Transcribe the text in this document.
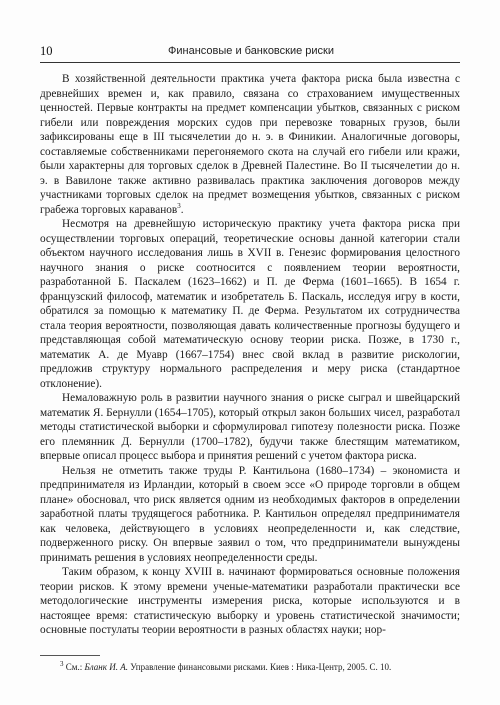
10	Финансовые и банковские риски

В хозяйственной деятельности практика учета фактора риска была известна с древнейших времен и, как правило, связана со страхованием имущественных ценностей. Первые контракты на предмет компенсации убытков, связанных с риском гибели или повреждения морских судов при перевозке товарных грузов, были зафиксированы еще в III тысячелетии до н. э. в Финикии. Аналогичные договоры, составляемые собственниками перегоняемого скота на случай его гибели или кражи, были характерны для торговых сделок в Древней Палестине. Во II тысячелетии до н. э. в Вавилоне также активно развивалась практика заключения договоров между участниками торговых сделок на предмет возмещения убытков, связанных с риском грабежа торговых караванов$^3$.

Несмотря на древнейшую историческую практику учета фактора риска при осуществлении торговых операций, теоретические основы данной категории стали объектом научного исследования лишь в XVII в. Генезис формирования целостного научного знания о риске соотносится с появлением теории вероятности, разработанной Б. Паскалем (1623–1662) и П. де Ферма (1601–1665). В 1654 г. французский философ, математик и изобретатель Б. Паскаль, исследуя игру в кости, обратился за помощью к математику П. де Ферма. Результатом их сотрудничества стала теория вероятности, позволяющая давать количественные прогнозы будущего и представляющая собой математическую основу теории риска. Позже, в 1730 г., математик А. де Муавр (1667–1754) внес свой вклад в развитие рискологии, предложив структуру нормального распределения и меру риска (стандартное отклонение).

Немаловажную роль в развитии научного знания о риске сыграл и швейцарский математик Я. Бернулли (1654–1705), который открыл закон больших чисел, разработал методы статистической выборки и сформулировал гипотезу полезности риска. Позже его племянник Д. Бернулли (1700–1782), будучи также блестящим математиком, впервые описал процесс выбора и принятия решений с учетом фактора риска.

Нельзя не отметить также труды Р. Кантильона (1680–1734) – экономиста и предпринимателя из Ирландии, который в своем эссе «О природе торговли в общем плане» обосновал, что риск является одним из необходимых факторов в определении заработной платы трудящегося работника. Р. Кантильон определял предпринимателя как человека, действующего в условиях неопределенности и, как следствие, подверженного риску. Он впервые заявил о том, что предприниматели вынуждены принимать решения в условиях неопределенности среды.

Таким образом, к концу XVIII в. начинают формироваться основные положения теории рисков. К этому времени ученые-математики разработали практически все методологические инструменты измерения риска, которые используются и в настоящее время: статистическую выборку и уровень статистической значимости; основные постулаты теории вероятности в разных областях науки; нор-

$^3$ См.: Бланк И. А. Управление финансовыми рисками. Киев : Ника-Центр, 2005. С. 10.
